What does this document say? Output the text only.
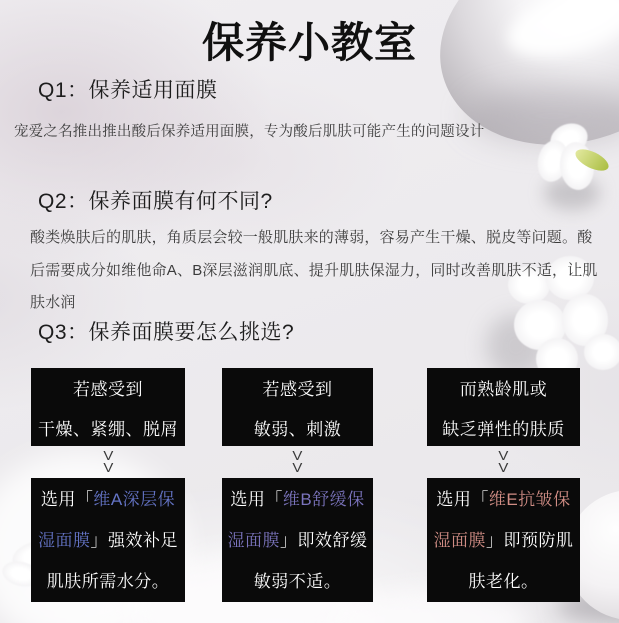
保养小教室
Q1：保养适用面膜

宠爱之名推出推出酸后保养适用面膜，专为酸后肌肤可能产生的问题设计

Q2：保养面膜有何不同?

酸类焕肤后的肌肤，角质层会较一般肌肤来的薄弱，容易产生干燥、脱皮等问题。酸后需要成分如维他命A、B深层滋润肌底、提升肌肤保湿力，同时改善肌肤不适，让肌肤水润

Q3：保养面膜要怎么挑选?
若感受到
干燥、紧绷、脱屑
V
V
选用「维A深层保湿面膜」强效补足肌肤所需水分。
若感受到
敏弱、刺激
V
V
选用「维B舒缓保湿面膜」即效舒缓敏弱不适。
而熟龄肌或
缺乏弹性的肤质
V
V
选用「维E抗皱保湿面膜」即预防肌肤老化。
